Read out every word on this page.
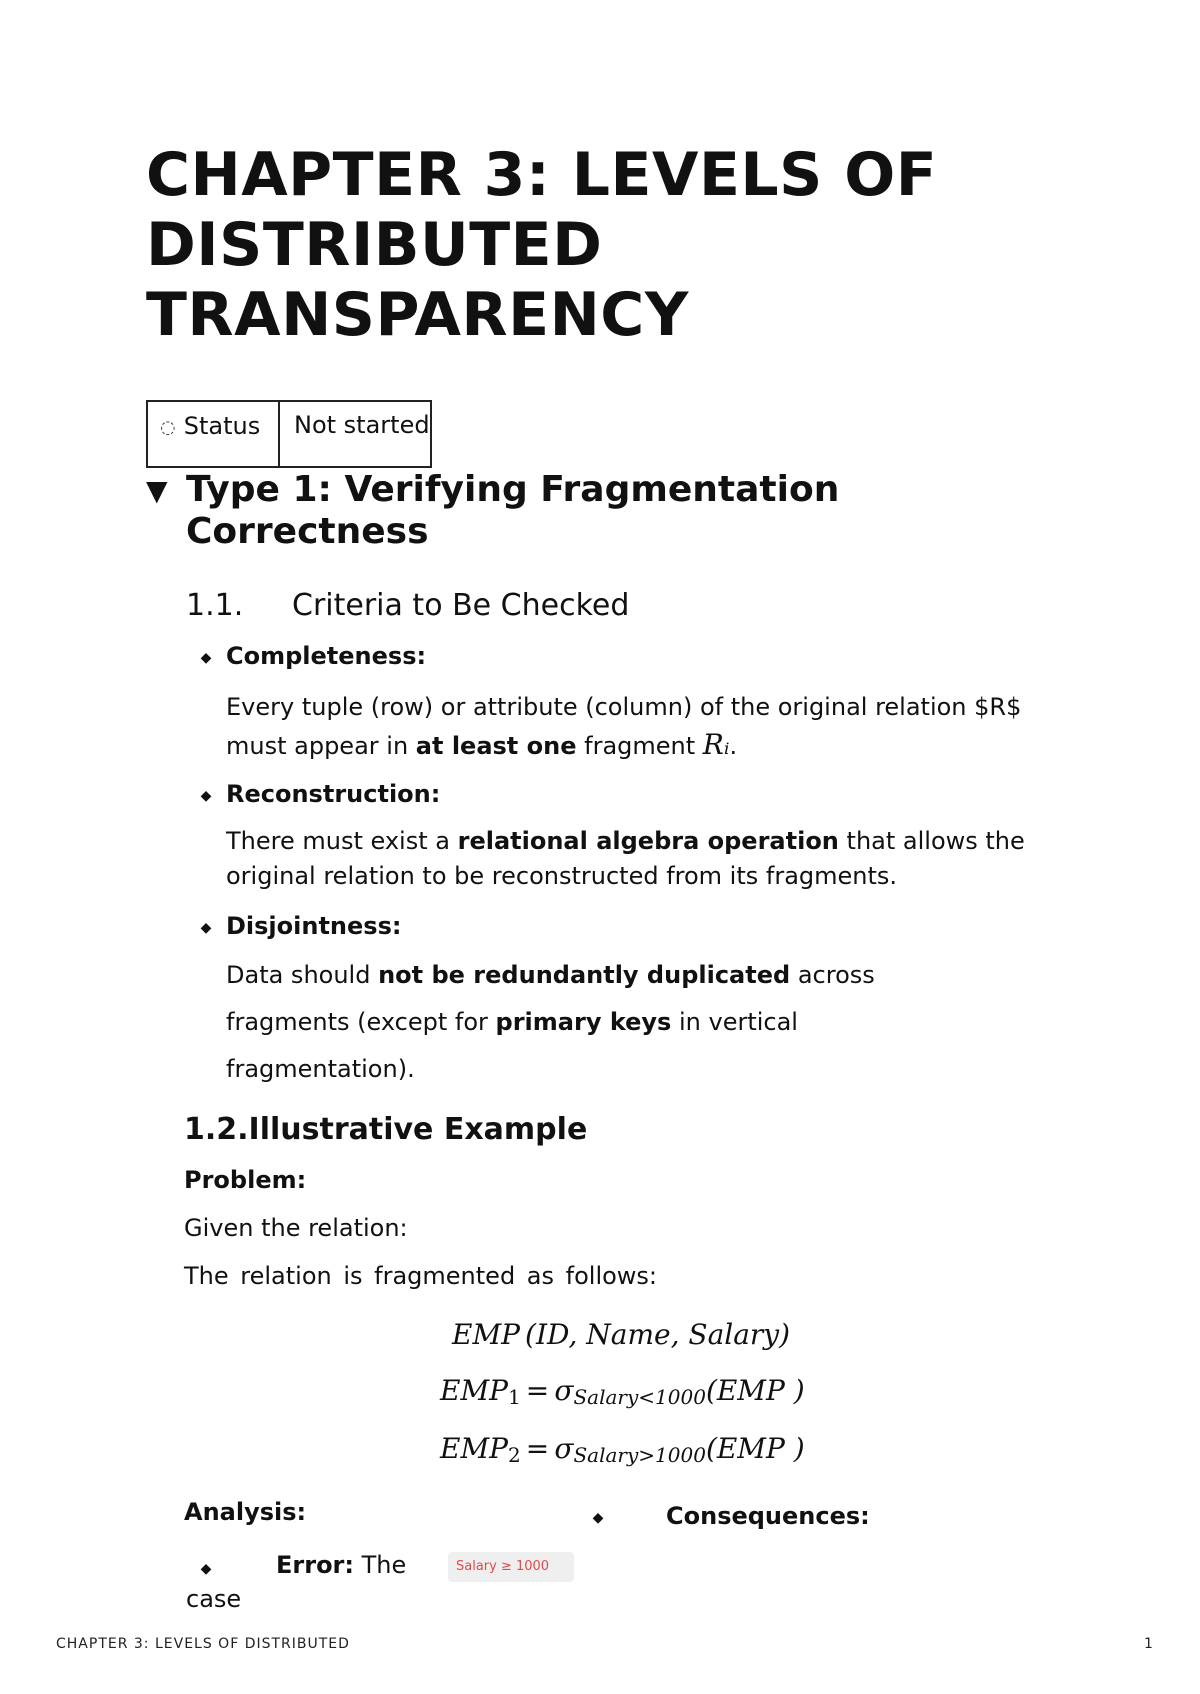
CHAPTER 3: LEVELS OF DISTRIBUTED TRANSPARENCY
◌ Status	Not started
▼ Type 1: Verifying Fragmentation Correctness

1.1. Criteria to Be Checked

◆ Completeness:
Every tuple (row) or attribute (column) of the original relation $R$ must appear in at least one fragment Rᵢ.
◆ Reconstruction:
There must exist a relational algebra operation that allows the original relation to be reconstructed from its fragments.
◆ Disjointness:
Data should not be redundantly duplicated across fragments (except for primary keys in vertical fragmentation).

1.2.Illustrative Example

Problem:
Given the relation:
The relation is fragmented as follows:
EMP (ID, Name, Salary)
$EMP_1 = \sigma_{Salary<1000}(EMP$ )
$EMP_2 = \sigma_{Salary>1000}(EMP$ )
Analysis:	◆	Consequences:
◆	Error: The case
Salary ≥ 1000
CHAPTER 3: LEVELS OF DISTRIBUTED	1
